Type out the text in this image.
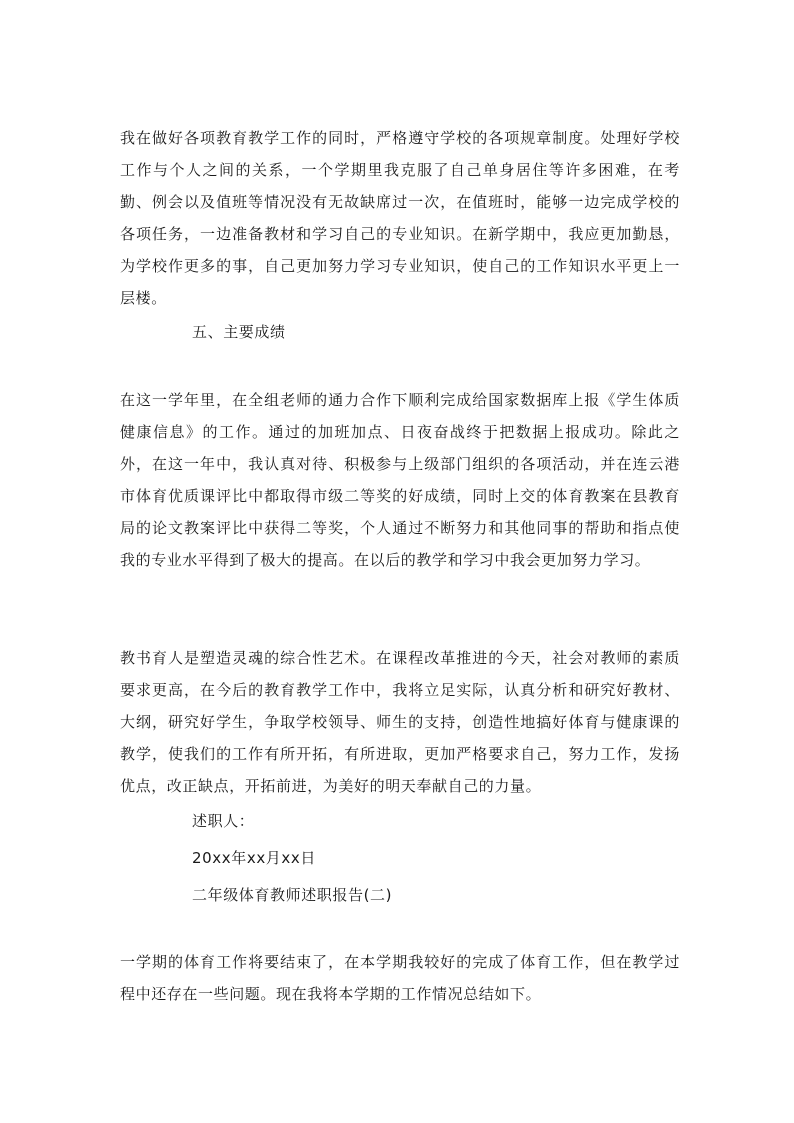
我在做好各项教育教学工作的同时，严格遵守学校的各项规章制度。处理好学校工作与个人之间的关系，一个学期里我克服了自己单身居住等许多困难，在考勤、例会以及值班等情况没有无故缺席过一次，在值班时，能够一边完成学校的各项任务，一边准备教材和学习自己的专业知识。在新学期中，我应更加勤恳，为学校作更多的事，自己更加努力学习专业知识，使自己的工作知识水平更上一层楼。

五、主要成绩

在这一学年里，在全组老师的通力合作下顺利完成给国家数据库上报《学生体质健康信息》的工作。通过的加班加点、日夜奋战终于把数据上报成功。除此之外，在这一年中，我认真对待、积极参与上级部门组织的各项活动，并在连云港市体育优质课评比中都取得市级二等奖的好成绩，同时上交的体育教案在县教育局的论文教案评比中获得二等奖，个人通过不断努力和其他同事的帮助和指点使我的专业水平得到了极大的提高。在以后的教学和学习中我会更加努力学习。

教书育人是塑造灵魂的综合性艺术。在课程改革推进的今天，社会对教师的素质要求更高，在今后的教育教学工作中，我将立足实际，认真分析和研究好教材、大纲，研究好学生，争取学校领导、师生的支持，创造性地搞好体育与健康课的教学，使我们的工作有所开拓，有所进取，更加严格要求自己，努力工作，发扬优点，改正缺点，开拓前进，为美好的明天奉献自己的力量。

述职人：

20xx年xx月xx日

二年级体育教师述职报告(二)

一学期的体育工作将要结束了，在本学期我较好的完成了体育工作，但在教学过程中还存在一些问题。现在我将本学期的工作情况总结如下。
